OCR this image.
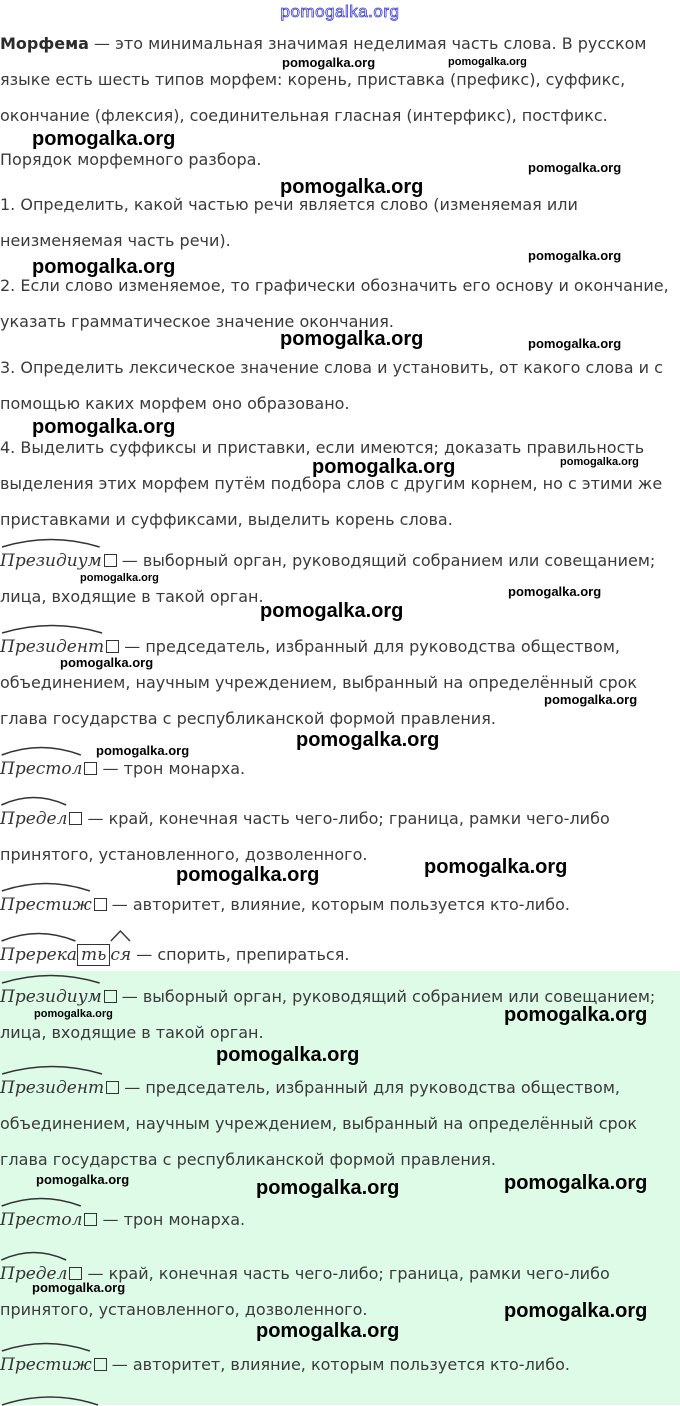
pomogalka.org

Морфема — это минимальная значимая неделимая часть слова. В русском языке есть шесть типов морфем: корень, приставка (префикс), суффикс, окончание (флексия), соединительная гласная (интерфикс), постфикс.

Порядок морфемного разбора.

1. Определить, какой частью речи является слово (изменяемая или неизменяемая часть речи).

2. Если слово изменяемое, то графически обозначить его основу и окончание, указать грамматическое значение окончания.

3. Определить лексическое значение слова и установить, от какого слова и с помощью каких морфем оно образовано.

4. Выделить суффиксы и приставки, если имеются; доказать правильность выделения этих морфем путём подбора слов с другим корнем, но с этими же приставками и суффиксами, выделить корень слова.

Президиум — выборный орган, руководящий собранием или совещанием; лица, входящие в такой орган.

Президент — председатель, избранный для руководства обществом, объединением, научным учреждением, выбранный на определённый срок глава государства с республиканской формой правления.

Престол — трон монарха.

Предел — край, конечная часть чего-либо; граница, рамки чего-либо принятого, установленного, дозволенного.

Престиж — авторитет, влияние, которым пользуется кто-либо.

Пререка ть ся — спорить, препираться.

Президиум — выборный орган, руководящий собранием или совещанием; лица, входящие в такой орган.

Президент — председатель, избранный для руководства обществом, объединением, научным учреждением, выбранный на определённый срок глава государства с республиканской формой правления.

Престол — трон монарха.

Предел — край, конечная часть чего-либо; граница, рамки чего-либо принятого, установленного, дозволенного.

Престиж — авторитет, влияние, которым пользуется кто-либо.

pomogalka.org	pomogalka.org
pomogalka.org
pomogalka.org
pomogalka.org
pomogalka.org
pomogalka.org
pomogalka.org	pomogalka.org
pomogalka.org
pomogalka.org	pomogalka.org
pomogalka.org
pomogalka.org
pomogalka.org
pomogalka.org
pomogalka.org
pomogalka.org
pomogalka.org
pomogalka.org
pomogalka.org
pomogalka.org	pomogalka.org
pomogalka.org
pomogalka.org	pomogalka.org
pomogalka.org
pomogalka.org
pomogalka.org
pomogalka.org
